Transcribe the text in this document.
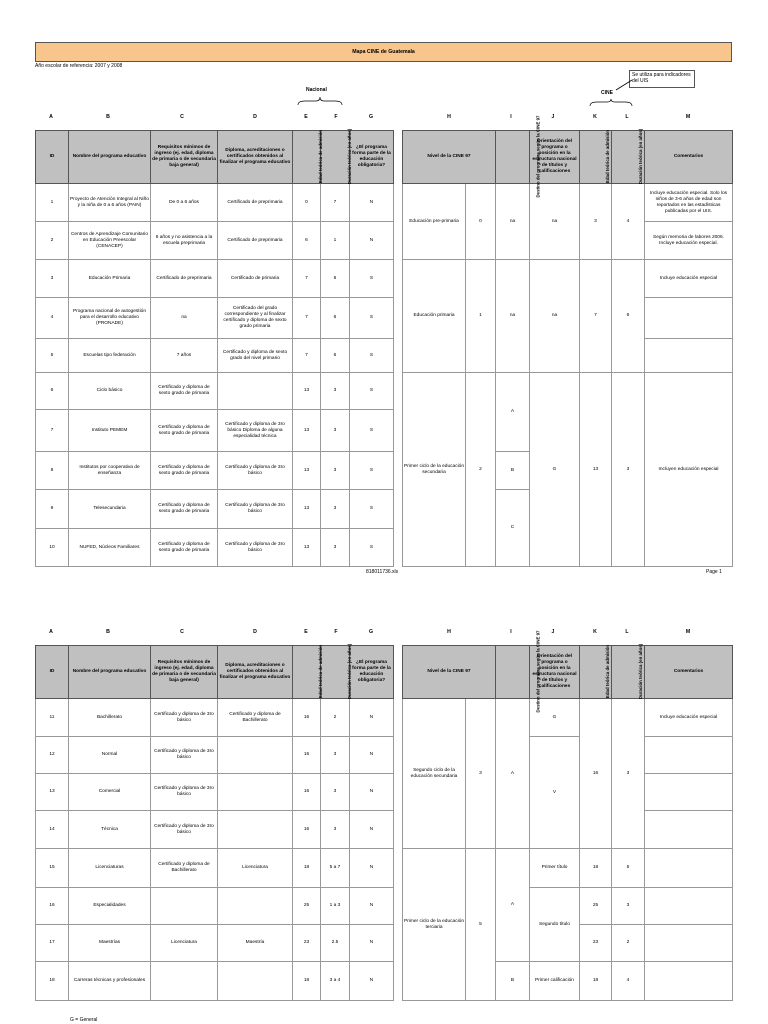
Mapa CINE de Guatemala
Año escolar de referencia: 2007 y 2008
Se utiliza para indicadores del UIS
CINE
Nacional
A	B	C	D	E	F	G	H	I	J	K	L	M
ID	Nombre del programa educativo	Requisitos mínimos de ingreso (ej. edad, diploma de primaria o de secundaria baja general)	Diploma, acreditaciones o certificados obtenidos al finalizar el programa educativo	Edad teórica de admisión	Duración teórica (en años)	¿El programa forma parte de la educación obligatoria?
1	Proyecto de Atención Integral al Niño y la niña de 0 a 6 años (PAIN)	De 0 a 6 años	Certificado de preprimaria	0	7	N
2	Centros de Aprendizaje Comunitario en Educación Preescolar (CENACEP)	6 años y no asistencia a la escuela preprimaria	Certificado de preprimaria	6	1	N
3	Educación Primaria	Certificado de preprimaria	Certificado de primaria	7	6	S
4	Programa nacional de autogestión para el desarrollo educativo (PRONADE)	na	Certificado del grado correspondiente y al finalizar certificado y diploma de sexto grado primaria	7	6	S
5	Escuelas tipo federación	7 años	Certificado y diploma de sexto grado del nivel primario	7	6	S
6	Ciclo básico	Certificado y diploma de sexto grado de primaria		13	3	S
7	Instituto PEMEM	Certificado y diploma de sexto grado de primaria	Certificado y diploma de 3ro básico Diploma de alguna especialidad técnica	13	3	S
8	Institutos por cooperativa de enseñanza	Certificado y diploma de sexto grado de primaria	Certificado y diploma de 3ro básico	13	3	S
9	Telesecundaria	Certificado y diploma de sexto grado de primaria	Certificado y diploma de 3ro básico	13	3	S
10	NUFED, Núcleos Familiares	Certificado y diploma de sexto grado de primaria	Certificado y diploma de 3ro básico	13	3	S
Nivel de la CINE 97		Destino del programa según la CINE 97	Orientación del programa o posición en la estructura nacional de títulos y calificaciones	Edad teórica de admisión	Duración teórica (en años)	Comentarios
Educación pre-primaria	0	na	na	3	4	Incluye educación especial. Solo los niños de 3-6 años de edad son reportados en las estadísticas publicadas por el UIS.
						Según memoria de labores 2006. Incluye educación especial.
Educación primaria	1	na	na	7	6	Incluye educación especial

Primer ciclo de la educación secundaria	2	A	G	13	3	Incluyen educación especial

		B				
		C				

818011736.xls	Page 1
A	B	C	D	E	F	G	H	I	J	K	L	M
ID	Nombre del programa educativo	Requisitos mínimos de ingreso (ej. edad, diploma de primaria o de secundaria baja general)	Diploma, acreditaciones o certificados obtenidos al finalizar el programa educativo	Edad teórica de admisión	Duración teórica (en años)	¿El programa forma parte de la educación obligatoria?
11	Bachillerato	Certificado y diploma de 3ro básico	Certificado y diploma de Bachillerato	16	2	N
12	Normal	Certificado y diploma de 3ro básico		16	3	N
13	Comercial	Certificado y diploma de 3ro básico		16	3	N
14	Técnica	Certificado y diploma de 3ro básico		16	3	N
15	Licenciaturas	Certificado y diploma de Bachillerato	Licenciatura	18	5 a 7	N
16	Especialidades			25	1 a 3	N
17	Maestrías	Licenciatura	Maestría	23	2.5	N
18	Carreras técnicas y profesionales			18	3 a 4	N
Nivel de la CINE 97		Destino del programa según la CINE 97	Orientación del programa o posición en la estructura nacional de títulos y calificaciones	Edad teórica de admisión	Duración teórica (en años)	Comentarios
Segundo ciclo de la educación secundaria	3	A	G	16	3	Incluye educación especial
			V			

Primer ciclo de la educación terciaria	5	A	Primer título	18	5	
			Segundo título	25	3	
				23	2	
		B	Primer calificación	18	4	
G = General
